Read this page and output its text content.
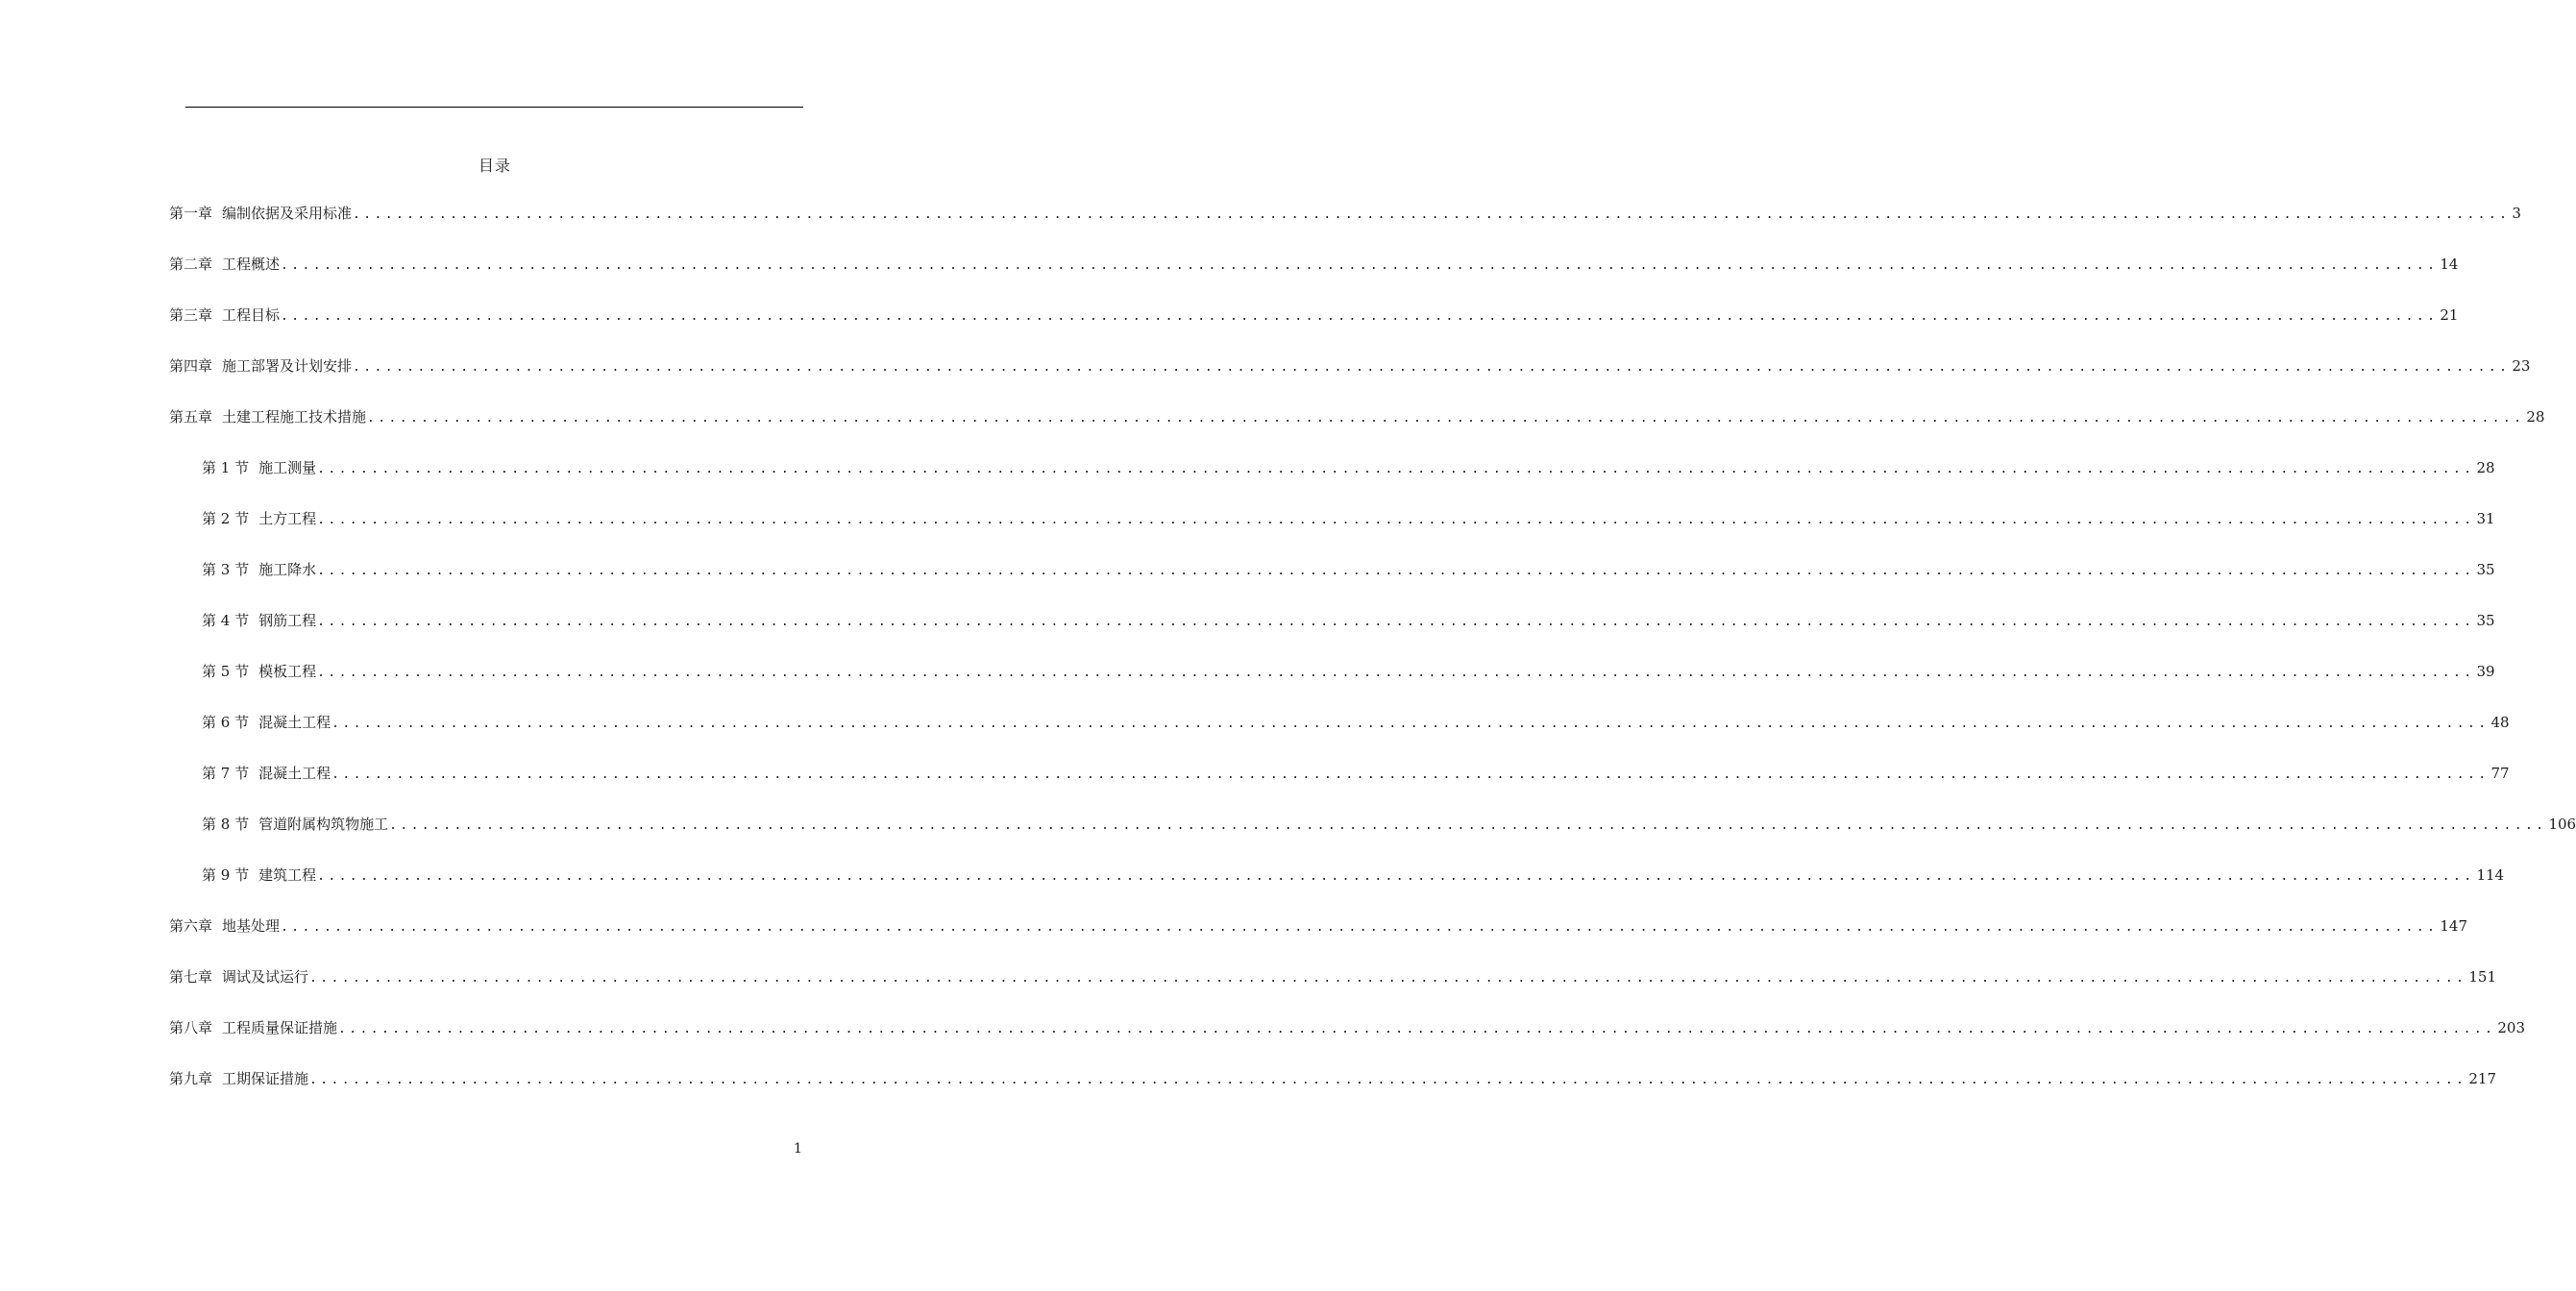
目录
第一章 编制依据及采用标准 ........................................................................................................................................................................................................ 3
第二章 工程概述 ........................................................................................................................................................................................................ 14
第三章 工程目标 ........................................................................................................................................................................................................ 21
第四章 施工部署及计划安排 ........................................................................................................................................................................................................ 23
第五章 土建工程施工技术措施 ........................................................................................................................................................................................................ 28
第 1 节 施工测量 ........................................................................................................................................................................................................ 28
第 2 节 土方工程 ........................................................................................................................................................................................................ 31
第 3 节 施工降水 ........................................................................................................................................................................................................ 35
第 4 节 钢筋工程 ........................................................................................................................................................................................................ 35
第 5 节 模板工程 ........................................................................................................................................................................................................ 39
第 6 节 混凝土工程 ........................................................................................................................................................................................................ 48
第 7 节 混凝土工程 ........................................................................................................................................................................................................ 77
第 8 节 管道附属构筑物施工 ........................................................................................................................................................................................................ 106
第 9 节 建筑工程 ........................................................................................................................................................................................................ 114
第六章 地基处理 ........................................................................................................................................................................................................ 147
第七章 调试及试运行 ........................................................................................................................................................................................................ 151
第八章 工程质量保证措施 ........................................................................................................................................................................................................ 203
第九章 工期保证措施 ........................................................................................................................................................................................................ 217
1
